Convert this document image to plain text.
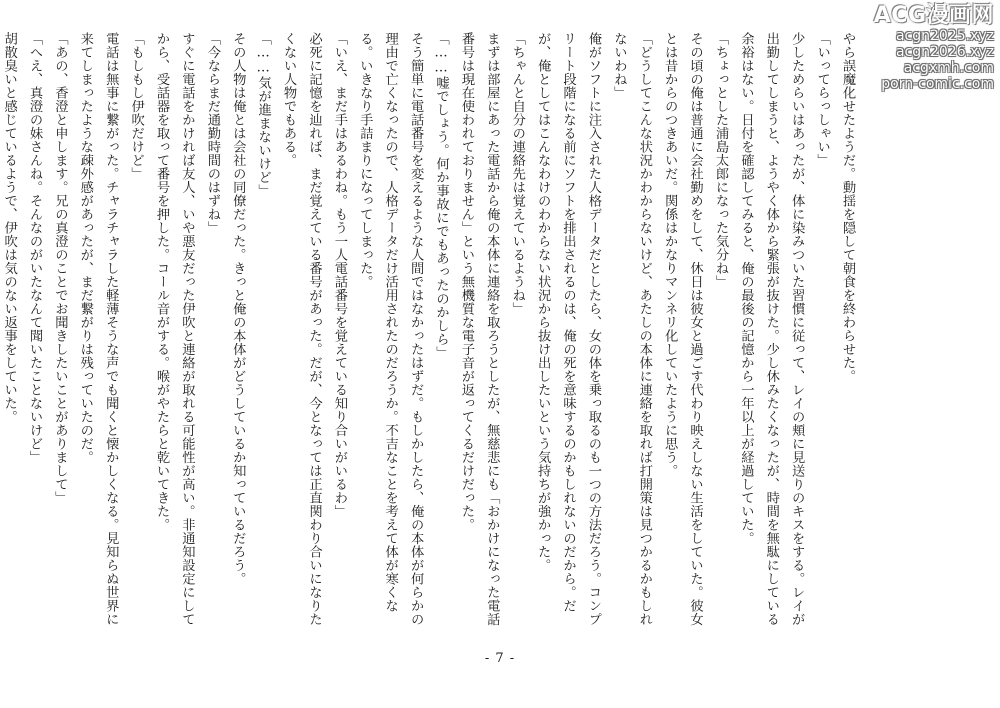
やら誤魔化せたようだ。動揺を隠して朝食を終わらせた。

「いってらっしゃい」

少しためらいはあったが、体に染みついた習慣に従って、レイの頬に見送りのキスをする。レイが出勤してしまうと、ようやく体から緊張が抜けた。少し休みたくなったが、時間を無駄にしている余裕はない。日付を確認してみると、俺の最後の記憶から一年以上が経過していた。

「ちょっとした浦島太郎になった気分ね」

その頃の俺は普通に会社勤めをして、休日は彼女と過ごす代わり映えしない生活をしていた。彼女とは昔からのつきあいだ。関係はかなりマンネリ化していたように思う。

「どうしてこんな状況かわからないけど、あたしの本体に連絡を取れば打開策は見つかるかもしれないわね」

俺がソフトに注入された人格データだとしたら、女の体を乗っ取るのも一つの方法だろう。コンプリート段階になる前にソフトを排出されるのは、俺の死を意味するのかもしれないのだから。だが、俺としてはこんなわけのわからない状況から抜け出したいという気持ちが強かった。

「ちゃんと自分の連絡先は覚えているようね」

まずは部屋にあった電話から俺の本体に連絡を取ろうとしたが、無慈悲にも「おかけになった電話番号は現在使われておりません」という無機質な電子音が返ってくるだけだった。

「……嘘でしょう。何か事故にでもあったのかしら」

そう簡単に電話番号を変えるような人間ではなかったはずだ。もしかしたら、俺の本体が何らかの理由で亡くなったので、人格データだけ活用されたのだろうか。不吉なことを考えて体が寒くなる。いきなり手詰まりになってしまった。

「いえ、まだ手はあるわね。もう一人電話番号を覚えている知り合いがいるわ」

必死に記憶を辿れば、まだ覚えている番号があった。だが、今となっては正直関わり合いになりたくない人物でもある。

「……気が進まないけど」

その人物は俺とは会社の同僚だった。きっと俺の本体がどうしているか知っているだろう。

「今ならまだ通勤時間のはずね」

すぐに電話をかければ友人、いや悪友だった伊吹と連絡が取れる可能性が高い。非通知設定にしてから、受話器を取って番号を押した。コール音がする。喉がやたらと乾いてきた。

「もしもし伊吹だけど」

電話は無事に繋がった。チャラチャラした軽薄そうな声でも聞くと懐かしくなる。見知らぬ世界に来てしまったような疎外感があったが、まだ繋がりは残っていたのだ。

「あの、香澄と申します。兄の真澄のことでお聞きしたいことがありまして」

「へえ、真澄の妹さんね。そんなのがいたなんて聞いたことないけど」

胡散臭いと感じているようで、伊吹は気のない返事をしていた。

- 7 -
ACG漫画网
acgn2025.xyz
acgn2026.xyz
acgxmh.com
porn-comic.com
